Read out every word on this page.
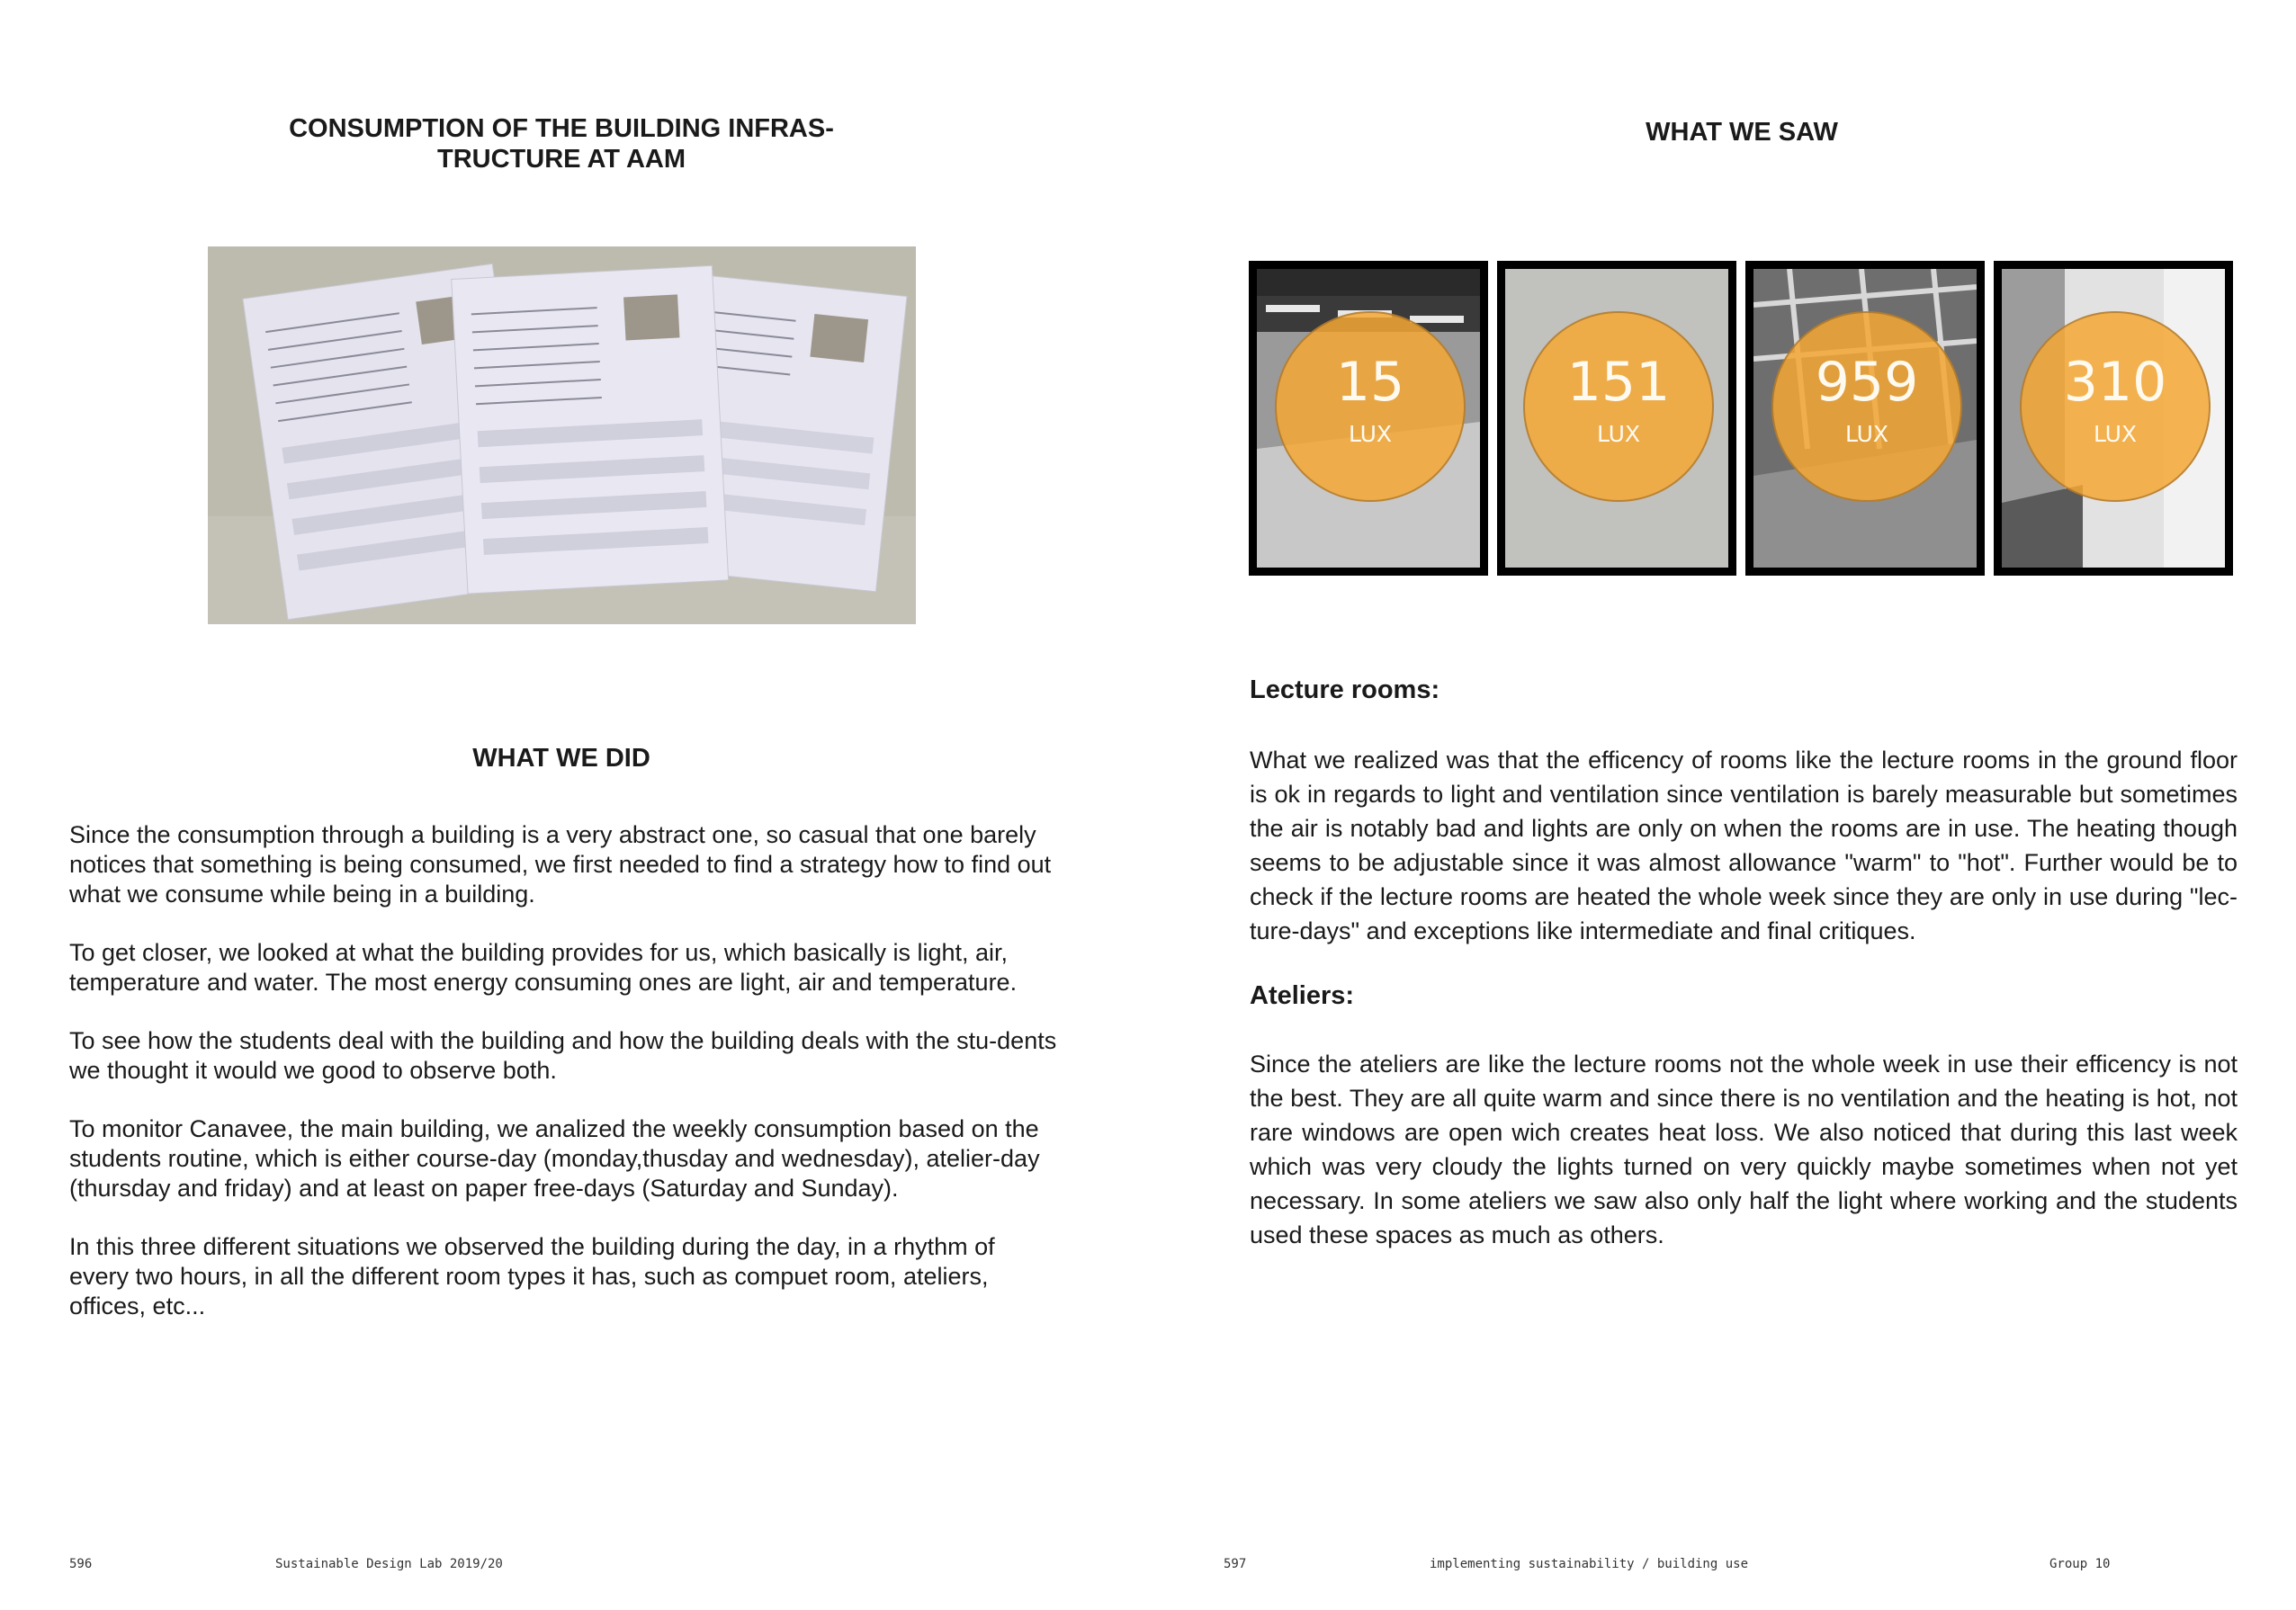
CONSUMPTION OF THE BUILDING INFRAS-
TRUCTURE AT AAM
WHAT WE DID

Since the consumption through a building is a very abstract one, so casual that one barely notices that something is being consumed, we first needed to find a strategy how to find out what we consume while being in a building.

To get closer, we looked at what the building provides for us, which basically is light, air, temperature and water. The most energy consuming ones are light, air and temperature.

To see how the students deal with the building and how the building deals with the stu-dents we thought it would we good to observe both.

To monitor Canavee, the main building, we analized the weekly consumption based on the students routine, which is either course-day (monday,thusday and wednesday), atelier-day (thursday and friday) and at least on paper free-days (Saturday and Sunday).

In this three different situations we observed the building during the day, in a rhythm of every two hours, in all the different room types it has, such as compuet room, ateliers, offices, etc...

596	Sustainable Design Lab 2019/20	597	implementing sustainability / building use	Group 10
WHAT WE SAW
15
LUX
151
LUX
959
LUX
310
LUX
Lecture rooms:

What we realized was that the efficency of rooms like the lecture rooms in the ground floor is ok in regards to light and ventilation since ventilation is barely measurable but sometimes the air is notably bad and lights are only on when the rooms are in use. The heating though seems to be adjustable since it was almost allowance "warm" to "hot". Further would be to check if the lecture rooms are heated the whole week since they are only in use during "lec-ture-days" and exceptions like intermediate and final critiques.

Ateliers:

Since the ateliers are like the lecture rooms not the whole week in use their efficency is not the best. They are all quite warm and since there is no ventilation and the heating is hot, not rare windows are open wich creates heat loss. We also noticed that during this last week which was very cloudy the lights turned on very quickly maybe sometimes when not yet necessary. In some ateliers we saw also only half the light where working and the students used these spaces as much as others.
